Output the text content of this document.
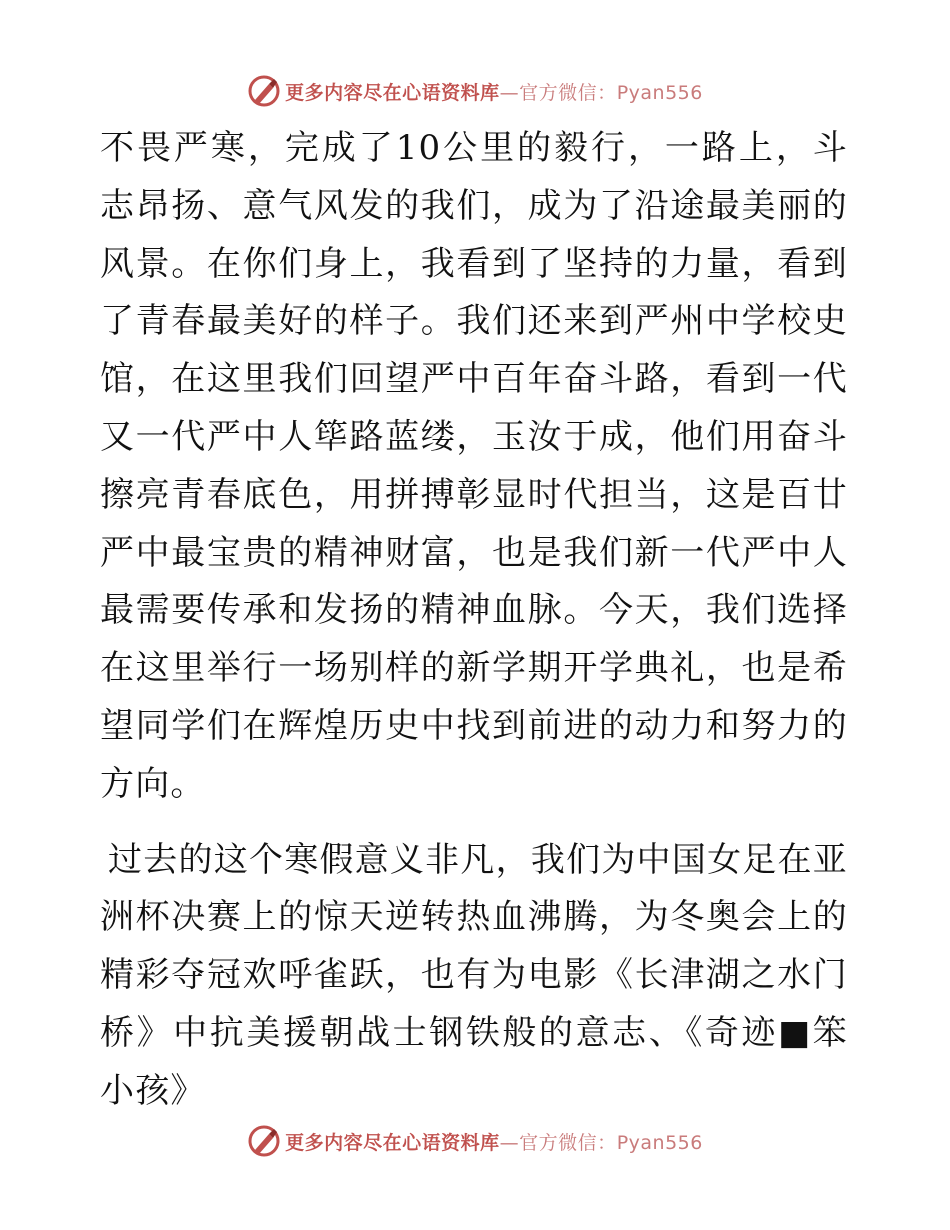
更多内容尽在心语资料库—官方微信：Pyan556

不畏严寒，完成了10公里的毅行，一路上，斗志昂扬、意气风发的我们，成为了沿途最美丽的风景。在你们身上，我看到了坚持的力量，看到了青春最美好的样子。我们还来到严州中学校史馆，在这里我们回望严中百年奋斗路，看到一代又一代严中人筚路蓝缕，玉汝于成，他们用奋斗擦亮青春底色，用拼搏彰显时代担当，这是百廿严中最宝贵的精神财富，也是我们新一代严中人最需要传承和发扬的精神血脉。今天，我们选择在这里举行一场别样的新学期开学典礼，也是希望同学们在辉煌历史中找到前进的动力和努力的方向。

过去的这个寒假意义非凡，我们为中国女足在亚洲杯决赛上的惊天逆转热血沸腾，为冬奥会上的精彩夺冠欢呼雀跃，也有为电影《长津湖之水门桥》中抗美援朝战士钢铁般的意志、《奇迹■笨小孩》

更多内容尽在心语资料库—官方微信：Pyan556
